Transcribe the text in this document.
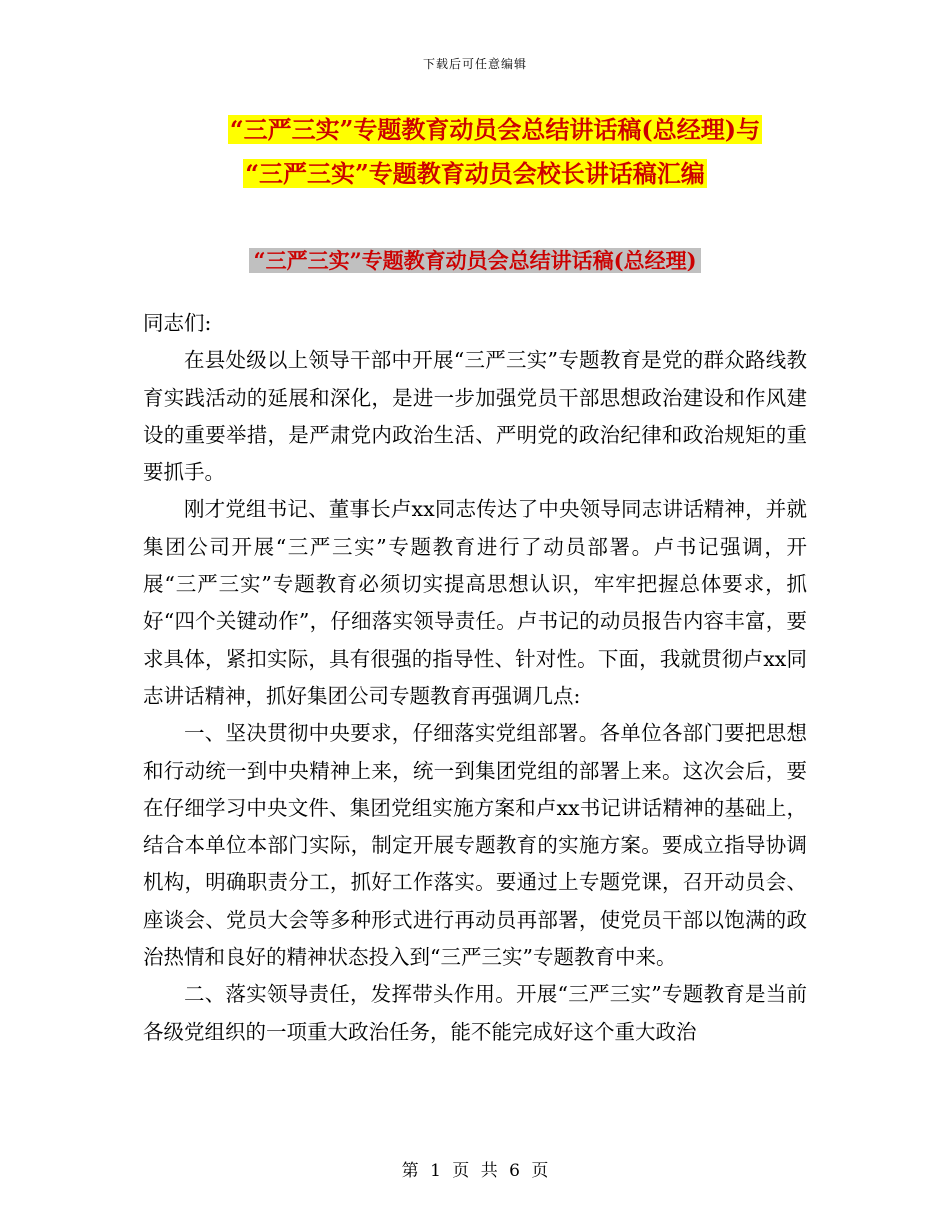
下载后可任意编辑
“三严三实”专题教育动员会总结讲话稿(总经理)与
“三严三实”专题教育动员会校长讲话稿汇编
“三严三实”专题教育动员会总结讲话稿(总经理)

同志们:

在县处级以上领导干部中开展“三严三实”专题教育是党的群众路线教育实践活动的延展和深化，是进一步加强党员干部思想政治建设和作风建设的重要举措，是严肃党内政治生活、严明党的政治纪律和政治规矩的重要抓手。

刚才党组书记、董事长卢xx同志传达了中央领导同志讲话精神，并就集团公司开展“三严三实”专题教育进行了动员部署。卢书记强调，开展“三严三实”专题教育必须切实提高思想认识，牢牢把握总体要求，抓好“四个关键动作”，仔细落实领导责任。卢书记的动员报告内容丰富，要求具体，紧扣实际，具有很强的指导性、针对性。下面，我就贯彻卢xx同志讲话精神，抓好集团公司专题教育再强调几点:

一、坚决贯彻中央要求，仔细落实党组部署。各单位各部门要把思想和行动统一到中央精神上来，统一到集团党组的部署上来。这次会后，要在仔细学习中央文件、集团党组实施方案和卢xx书记讲话精神的基础上，结合本单位本部门实际，制定开展专题教育的实施方案。要成立指导协调机构，明确职责分工，抓好工作落实。要通过上专题党课，召开动员会、座谈会、党员大会等多种形式进行再动员再部署，使党员干部以饱满的政治热情和良好的精神状态投入到“三严三实”专题教育中来。

二、落实领导责任，发挥带头作用。开展“三严三实”专题教育是当前各级党组织的一项重大政治任务，能不能完成好这个重大政治

第 1 页 共 6 页
